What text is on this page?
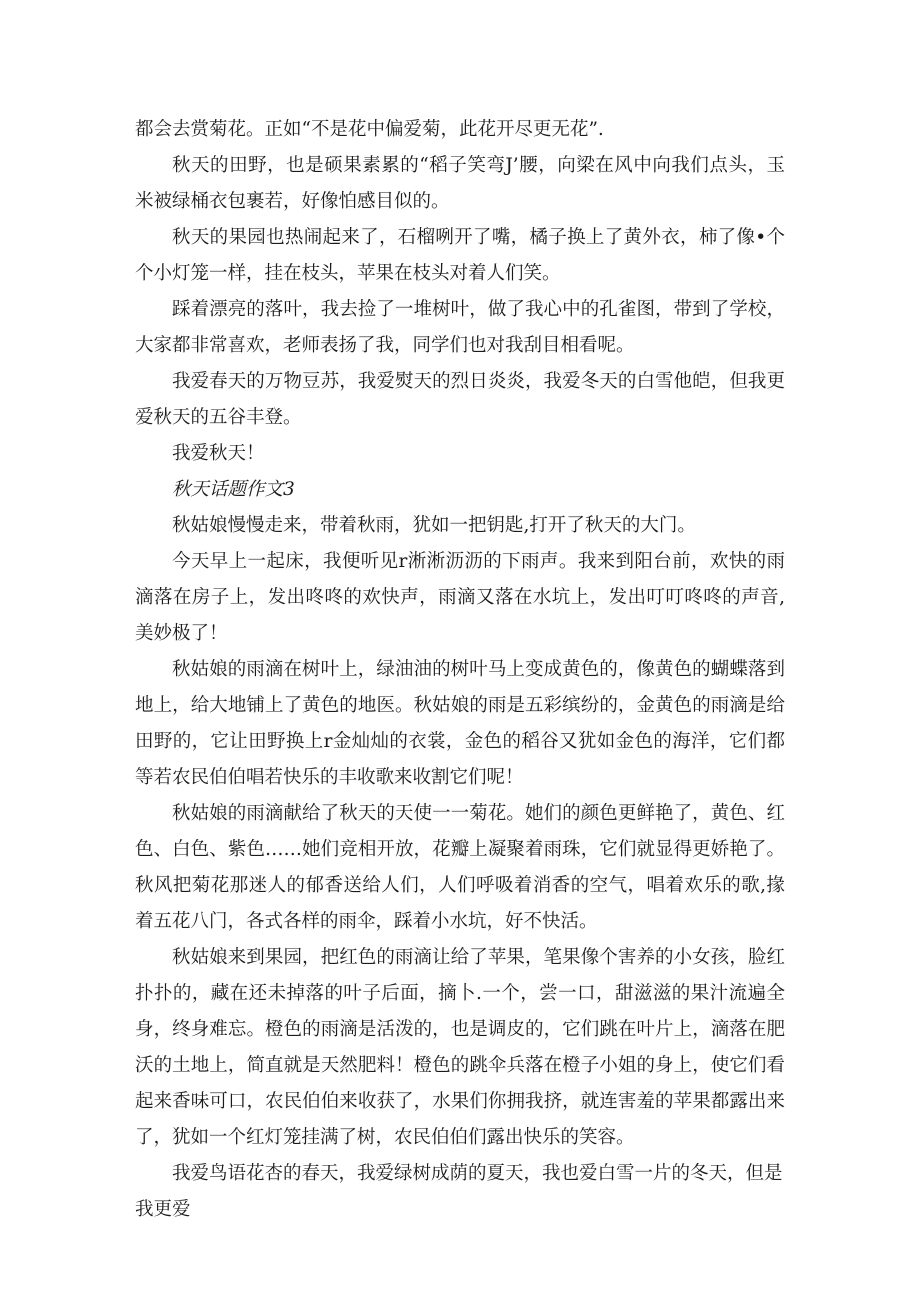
都会去赏菊花。正如“不是花中偏爱菊，此花开尽更无花”.

秋天的田野，也是硕果素累的“稻子笑弯J’腰，向梁在风中向我们点头，玉米被绿桶衣包裹若，好像怕感目似的。

秋天的果园也热闹起来了，石榴咧开了嘴，橘子换上了黄外衣，柿了像•个个小灯笼一样，挂在枝头，苹果在枝头对着人们笑。

踩着漂亮的落叶，我去捡了一堆树叶，做了我心中的孔雀图，带到了学校，大家都非常喜欢，老师表扬了我，同学们也对我刮目相看呢。

我爱春天的万物豆苏，我爱熨天的烈日炎炎，我爱冬天的白雪他皑，但我更爱秋天的五谷丰登。

我爱秋天！

秋天话题作文3

秋姑娘慢慢走来，带着秋雨，犹如一把钥匙,打开了秋天的大门。

今天早上一起床，我便听见r淅淅沥沥的下雨声。我来到阳台前，欢快的雨滴落在房子上，发出咚咚的欢快声，雨滴又落在水坑上，发出叮叮咚咚的声音,美妙极了！

秋姑娘的雨滴在树叶上，绿油油的树叶马上变成黄色的，像黄色的蝴蝶落到地上，给大地铺上了黄色的地医。秋姑娘的雨是五彩缤纷的，金黄色的雨滴是给田野的，它让田野换上r金灿灿的衣裳，金色的稻谷又犹如金色的海洋，它们都等若农民伯伯唱若快乐的丰收歌来收割它们呢！

秋姑娘的雨滴献给了秋天的天使一一菊花。她们的颜色更鲜艳了，黄色、红色、白色、紫色……她们竞相开放，花瓣上凝聚着雨珠，它们就显得更娇艳了。秋风把菊花那迷人的郁香送给人们，人们呼吸着消香的空气，唱着欢乐的歌,掾着五花八门，各式各样的雨伞，踩着小水坑，好不快活。

秋姑娘来到果园，把红色的雨滴让给了苹果，笔果像个害养的小女孩，脸红扑扑的，藏在还未掉落的叶子后面，摘卜.一个，尝一口，甜滋滋的果汁流遍全身，终身难忘。橙色的雨滴是活泼的，也是调皮的，它们跳在叶片上，滴落在肥沃的土地上，简直就是天然肥料！橙色的跳伞兵落在橙子小姐的身上，使它们看起来香味可口，农民伯伯来收获了，水果们你拥我挤，就连害羞的苹果都露出来了，犹如一个红灯笼挂满了树，农民伯伯们露出快乐的笑容。

我爱鸟语花杏的春天，我爱绿树成荫的夏天，我也爱白雪一片的冬天，但是我更爱
